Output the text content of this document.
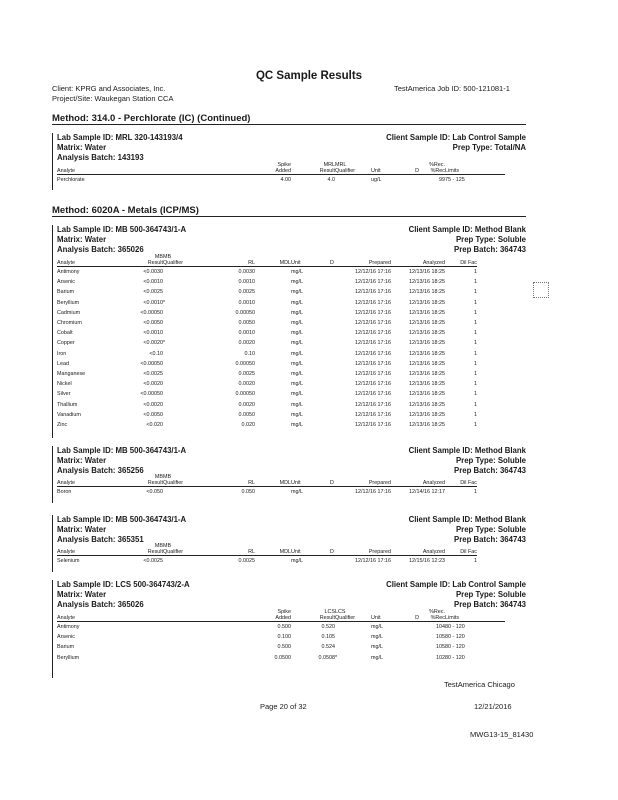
QC Sample Results
Client: KPRG and Associates, Inc.	TestAmerica Job ID: 500-121081-1
Project/Site: Waukegan Station CCA
Method: 314.0 - Perchlorate (IC) (Continued)
Lab Sample ID: MRL 320-143193/4
Matrix: Water
Analysis Batch: 143193
Client Sample ID: Lab Control Sample
Prep Type: Total/NA
	Spike	MRL	MRL			%Rec.	
Analyte	Added	Result	Qualifier	Unit	D	%Rec	Limits
Perchlorate	4.00	4.0		ug/L		99	75 - 125
Method: 6020A - Metals (ICP/MS)
Lab Sample ID: MB 500-364743/1-A
Matrix: Water
Analysis Batch: 365026
Client Sample ID: Method Blank
Prep Type: Soluble
Prep Batch: 364743
	MB	MB							
Analyte	Result	Qualifier	RL	MDL	Unit	D	Prepared	Analyzed	Dil Fac
Antimony	<0.0030		0.0030		mg/L		12/12/16 17:16	12/13/16 18:25	1
Arsenic	<0.0010		0.0010		mg/L		12/12/16 17:16	12/13/16 18:25	1
Barium	<0.0025		0.0025		mg/L		12/12/16 17:16	12/13/16 18:25	1
Beryllium	<0.0010	*	0.0010		mg/L		12/12/16 17:16	12/13/16 18:25	1
Cadmium	<0.00050		0.00050		mg/L		12/12/16 17:16	12/13/16 18:25	1
Chromium	<0.0050		0.0050		mg/L		12/12/16 17:16	12/13/16 18:25	1
Cobalt	<0.0010		0.0010		mg/L		12/12/16 17:16	12/13/16 18:25	1
Copper	<0.0020	*	0.0020		mg/L		12/12/16 17:16	12/13/16 18:25	1
Iron	<0.10		0.10		mg/L		12/12/16 17:16	12/13/16 18:25	1
Lead	<0.00050		0.00050		mg/L		12/12/16 17:16	12/13/16 18:25	1
Manganese	<0.0025		0.0025		mg/L		12/12/16 17:16	12/13/16 18:25	1
Nickel	<0.0020		0.0020		mg/L		12/12/16 17:16	12/13/16 18:25	1
Silver	<0.00050		0.00050		mg/L		12/12/16 17:16	12/13/16 18:25	1
Thallium	<0.0020		0.0020		mg/L		12/12/16 17:16	12/13/16 18:25	1
Vanadium	<0.0050		0.0050		mg/L		12/12/16 17:16	12/13/16 18:25	1
Zinc	<0.020		0.020		mg/L		12/12/16 17:16	12/13/16 18:25	1
Lab Sample ID: MB 500-364743/1-A
Matrix: Water
Analysis Batch: 365256
Client Sample ID: Method Blank
Prep Type: Soluble
Prep Batch: 364743
	MB	MB							
Analyte	Result	Qualifier	RL	MDL	Unit	D	Prepared	Analyzed	Dil Fac
Boron	<0.050		0.050		mg/L		12/12/16 17:16	12/14/16 12:17	1
Lab Sample ID: MB 500-364743/1-A
Matrix: Water
Analysis Batch: 365351
Client Sample ID: Method Blank
Prep Type: Soluble
Prep Batch: 364743
	MB	MB							
Analyte	Result	Qualifier	RL	MDL	Unit	D	Prepared	Analyzed	Dil Fac
Selenium	<0.0025		0.0025		mg/L		12/12/16 17:16	12/15/16 12:23	1
Lab Sample ID: LCS 500-364743/2-A
Matrix: Water
Analysis Batch: 365026
Client Sample ID: Lab Control Sample
Prep Type: Soluble
Prep Batch: 364743
	Spike	LCS	LCS			%Rec.	
Analyte	Added	Result	Qualifier	Unit	D	%Rec	Limits
Antimony	0.500	0.520		mg/L		104	80 - 120
Arsenic	0.100	0.105		mg/L		105	80 - 120
Barium	0.500	0.524		mg/L		105	80 - 120
Beryllium	0.0500	0.0508	*	mg/L		102	80 - 120
TestAmerica Chicago
Page 20 of 32	12/21/2016
MWG13-15_81430
